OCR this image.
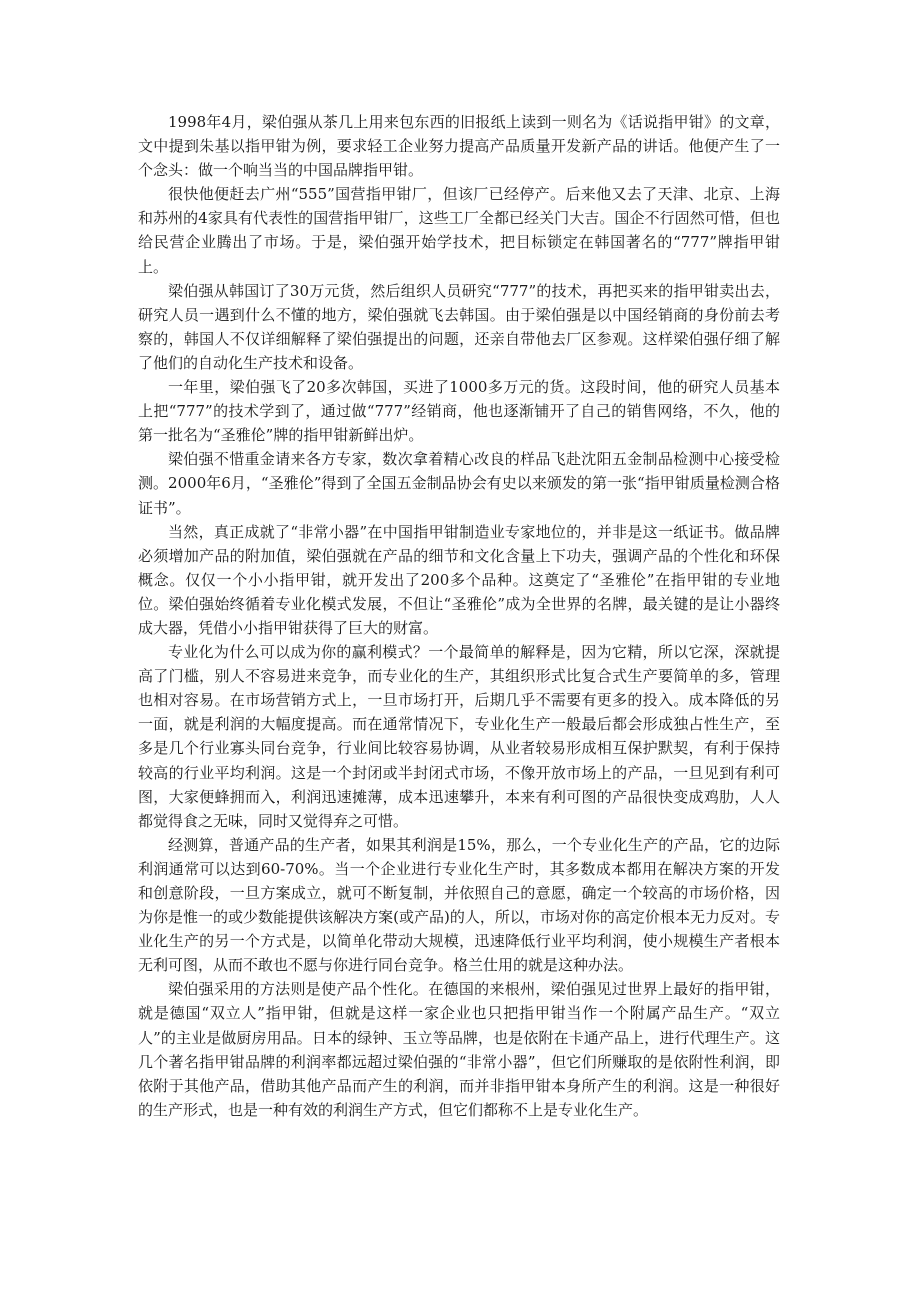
1998年4月，梁伯强从茶几上用来包东西的旧报纸上读到一则名为《话说指甲钳》的文章，文中提到朱基以指甲钳为例，要求轻工企业努力提高产品质量开发新产品的讲话。他便产生了一个念头：做一个响当当的中国品牌指甲钳。

很快他便赶去广州“555”国营指甲钳厂，但该厂已经停产。后来他又去了天津、北京、上海和苏州的4家具有代表性的国营指甲钳厂，这些工厂全都已经关门大吉。国企不行固然可惜，但也给民营企业腾出了市场。于是，梁伯强开始学技术，把目标锁定在韩国著名的“777”牌指甲钳上。

梁伯强从韩国订了30万元货，然后组织人员研究“777”的技术，再把买来的指甲钳卖出去，研究人员一遇到什么不懂的地方，梁伯强就飞去韩国。由于梁伯强是以中国经销商的身份前去考察的，韩国人不仅详细解释了梁伯强提出的问题，还亲自带他去厂区参观。这样梁伯强仔细了解了他们的自动化生产技术和设备。

一年里，梁伯强飞了20多次韩国，买进了1000多万元的货。这段时间，他的研究人员基本上把“777”的技术学到了，通过做“777”经销商，他也逐渐铺开了自己的销售网络，不久，他的第一批名为“圣雅伦”牌的指甲钳新鲜出炉。

梁伯强不惜重金请来各方专家，数次拿着精心改良的样品飞赴沈阳五金制品检测中心接受检测。2000年6月，“圣雅伦”得到了全国五金制品协会有史以来颁发的第一张“指甲钳质量检测合格证书”。

当然，真正成就了“非常小器”在中国指甲钳制造业专家地位的，并非是这一纸证书。做品牌必须增加产品的附加值，梁伯强就在产品的细节和文化含量上下功夫，强调产品的个性化和环保概念。仅仅一个小小指甲钳，就开发出了200多个品种。这奠定了“圣雅伦”在指甲钳的专业地位。梁伯强始终循着专业化模式发展，不但让“圣雅伦”成为全世界的名牌，最关键的是让小器终成大器，凭借小小指甲钳获得了巨大的财富。

专业化为什么可以成为你的赢利模式？一个最简单的解释是，因为它精，所以它深，深就提高了门槛，别人不容易进来竞争，而专业化的生产，其组织形式比复合式生产要简单的多，管理也相对容易。在市场营销方式上，一旦市场打开，后期几乎不需要有更多的投入。成本降低的另一面，就是利润的大幅度提高。而在通常情况下，专业化生产一般最后都会形成独占性生产，至多是几个行业寡头同台竞争，行业间比较容易协调，从业者较易形成相互保护默契，有利于保持较高的行业平均利润。这是一个封闭或半封闭式市场，不像开放市场上的产品，一旦见到有利可图，大家便蜂拥而入，利润迅速摊薄，成本迅速攀升，本来有利可图的产品很快变成鸡肋，人人都觉得食之无味，同时又觉得弃之可惜。

经测算，普通产品的生产者，如果其利润是15%，那么，一个专业化生产的产品，它的边际利润通常可以达到60-70%。当一个企业进行专业化生产时，其多数成本都用在解决方案的开发和创意阶段，一旦方案成立，就可不断复制，并依照自己的意愿，确定一个较高的市场价格，因为你是惟一的或少数能提供该解决方案(或产品)的人，所以，市场对你的高定价根本无力反对。专业化生产的另一个方式是，以简单化带动大规模，迅速降低行业平均利润，使小规模生产者根本无利可图，从而不敢也不愿与你进行同台竞争。格兰仕用的就是这种办法。

梁伯强采用的方法则是使产品个性化。在德国的来根州，梁伯强见过世界上最好的指甲钳，就是德国“双立人”指甲钳，但就是这样一家企业也只把指甲钳当作一个附属产品生产。“双立人”的主业是做厨房用品。日本的绿钟、玉立等品牌，也是依附在卡通产品上，进行代理生产。这几个著名指甲钳品牌的利润率都远超过梁伯强的“非常小器”，但它们所赚取的是依附性利润，即依附于其他产品，借助其他产品而产生的利润，而并非指甲钳本身所产生的利润。这是一种很好的生产形式，也是一种有效的利润生产方式，但它们都称不上是专业化生产。
